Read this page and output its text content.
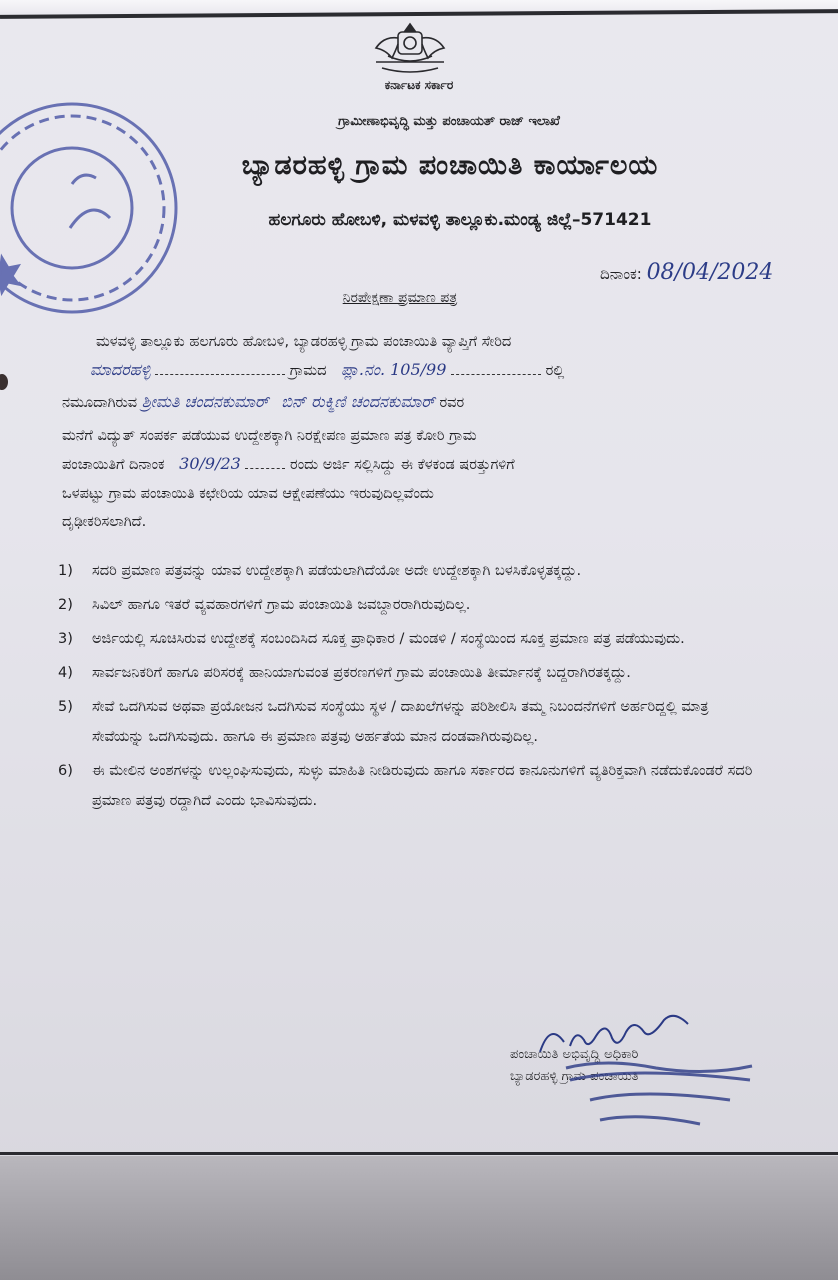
ಕರ್ನಾಟಕ ಸರ್ಕಾರ
ಗ್ರಾಮೀಣಾಭಿವೃದ್ಧಿ ಮತ್ತು ಪಂಚಾಯತ್ ರಾಜ್ ಇಲಾಖೆ
ಬ್ಯಾಡರಹಳ್ಳಿ ಗ್ರಾಮ ಪಂಚಾಯಿತಿ ಕಾರ್ಯಾಲಯ
ಹಲಗೂರು ಹೋಬಳಿ, ಮಳವಳ್ಳಿ ತಾಲ್ಲೂಕು.ಮಂಡ್ಯ ಜಿಲ್ಲೆ–571421
ದಿನಾಂಕ: 08/04/2024
ನಿರಪೇಕ್ಷಣಾ ಪ್ರಮಾಣ ಪತ್ರ
ಮಳವಳ್ಳಿ ತಾಲ್ಲೂಕು ಹಲಗೂರು ಹೋಬಳಿ, ಬ್ಯಾಡರಹಳ್ಳಿ ಗ್ರಾಮ ಪಂಚಾಯಿತಿ ವ್ಯಾಪ್ತಿಗೆ ಸೇರಿದ
ಮಾದರಹಳ್ಳಿ	ಗ್ರಾಮದ ಪ್ಲಾ.ನಂ. 105/99	ರಲ್ಲಿ
ನಮೂದಾಗಿರುವ ಶ್ರೀಮತಿ ಚಂದನಕುಮಾರ್ ಬಿನ್ ರುಕ್ಮಿಣಿ ಚಂದನಕುಮಾರ್ ರವರ
ಮನೆಗೆ ವಿದ್ಯುತ್ ಸಂಪರ್ಕ ಪಡೆಯುವ ಉದ್ದೇಶಕ್ಕಾಗಿ ನಿರಕ್ಷೇಪಣ ಪ್ರಮಾಣ ಪತ್ರ ಕೋರಿ ಗ್ರಾಮ
ಪಂಚಾಯಿತಿಗೆ ದಿನಾಂಕ 30/9/23	ರಂದು ಅರ್ಜಿ ಸಲ್ಲಿಸಿದ್ದು ಈ ಕೆಳಕಂಡ ಷರತ್ತುಗಳಿಗೆ
ಒಳಪಟ್ಟು ಗ್ರಾಮ ಪಂಚಾಯಿತಿ ಕಛೇರಿಯ ಯಾವ ಆಕ್ಷೇಪಣೆಯು ಇರುವುದಿಲ್ಲವೆಂದು
ದೃಢೀಕರಿಸಲಾಗಿದೆ.
1) ಸದರಿ ಪ್ರಮಾಣ ಪತ್ರವನ್ನು ಯಾವ ಉದ್ದೇಶಕ್ಕಾಗಿ ಪಡೆಯಲಾಗಿದೆಯೋ ಅದೇ ಉದ್ದೇಶಕ್ಕಾಗಿ ಬಳಸಿಕೊಳ್ಳತಕ್ಕದ್ದು.
2) ಸಿವಿಲ್ ಹಾಗೂ ಇತರೆ ವ್ಯವಹಾರಗಳಿಗೆ ಗ್ರಾಮ ಪಂಚಾಯಿತಿ ಜವಬ್ದಾರರಾಗಿರುವುದಿಲ್ಲ.
3) ಅರ್ಜಿಯಲ್ಲಿ ಸೂಚಿಸಿರುವ ಉದ್ದೇಶಕ್ಕೆ ಸಂಬಂದಿಸಿದ ಸೂಕ್ತ ಪ್ರಾಧಿಕಾರ / ಮಂಡಳಿ / ಸಂಸ್ಥೆಯಿಂದ ಸೂಕ್ತ ಪ್ರಮಾಣ ಪತ್ರ ಪಡೆಯುವುದು.
4) ಸಾರ್ವಜನಿಕರಿಗೆ ಹಾಗೂ ಪರಿಸರಕ್ಕೆ ಹಾನಿಯಾಗುವಂತ ಪ್ರಕರಣಗಳಿಗೆ ಗ್ರಾಮ ಪಂಚಾಯಿತಿ ತೀರ್ಮಾನಕ್ಕೆ ಬದ್ದರಾಗಿರತಕ್ಕದ್ದು.
5) ಸೇವೆ ಒದಗಿಸುವ ಅಥವಾ ಪ್ರಯೋಜನ ಒದಗಿಸುವ ಸಂಸ್ಥೆಯು ಸ್ಥಳ / ದಾಖಲೆಗಳನ್ನು ಪರಿಶೀಲಿಸಿ ತಮ್ಮ ನಿಬಂದನೆಗಳಿಗೆ ಅರ್ಹರಿದ್ದಲ್ಲಿ ಮಾತ್ರ ಸೇವೆಯನ್ನು ಒದಗಿಸುವುದು. ಹಾಗೂ ಈ ಪ್ರಮಾಣ ಪತ್ರವು ಅರ್ಹತೆಯ ಮಾನ ದಂಡವಾಗಿರುವುದಿಲ್ಲ.
6) ಈ ಮೇಲಿನ ಅಂಶಗಳನ್ನು ಉಲ್ಲಂಘಿಸುವುದು, ಸುಳ್ಳು ಮಾಹಿತಿ ನೀಡಿರುವುದು ಹಾಗೂ ಸರ್ಕಾರದ ಕಾನೂನುಗಳಿಗೆ ವ್ಯತಿರಿಕ್ತವಾಗಿ ನಡೆದುಕೊಂಡರೆ ಸದರಿ ಪ್ರಮಾಣ ಪತ್ರವು ರದ್ದಾಗಿದೆ ಎಂದು ಭಾವಿಸುವುದು.
ಪಂಚಾಯಿತಿ ಅಭಿವೃದ್ಧಿ ಅಧಿಕಾರಿ
ಬ್ಯಾಡರಹಳ್ಳಿ ಗ್ರಾಮ ಪಂಚಾಯಿತಿ
